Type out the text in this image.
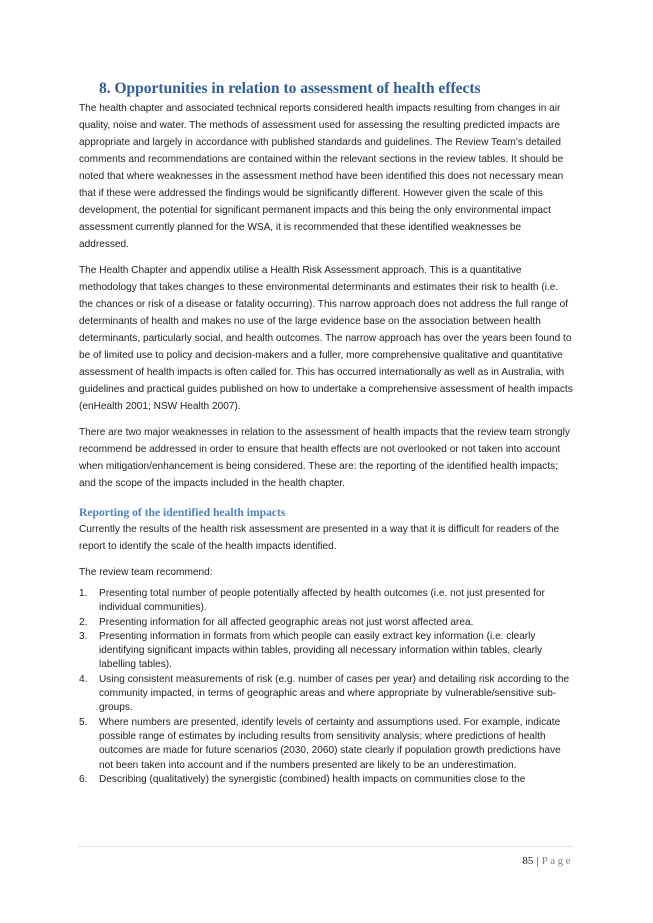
8. Opportunities in relation to assessment of health effects

The health chapter and associated technical reports considered health impacts resulting from changes in air quality, noise and water. The methods of assessment used for assessing the resulting predicted impacts are appropriate and largely in accordance with published standards and guidelines. The Review Team’s detailed comments and recommendations are contained within the relevant sections in the review tables. It should be noted that where weaknesses in the assessment method have been identified this does not necessary mean that if these were addressed the findings would be significantly different. However given the scale of this development, the potential for significant permanent impacts and this being the only environmental impact assessment currently planned for the WSA, it is recommended that these identified weaknesses be addressed.

The Health Chapter and appendix utilise a Health Risk Assessment approach. This is a quantitative methodology that takes changes to these environmental determinants and estimates their risk to health (i.e. the chances or risk of a disease or fatality occurring). This narrow approach does not address the full range of determinants of health and makes no use of the large evidence base on the association between health determinants, particularly social, and health outcomes. The narrow approach has over the years been found to be of limited use to policy and decision-makers and a fuller, more comprehensive qualitative and quantitative assessment of health impacts is often called for. This has occurred internationally as well as in Australia, with guidelines and practical guides published on how to undertake a comprehensive assessment of health impacts (enHealth 2001; NSW Health 2007).

There are two major weaknesses in relation to the assessment of health impacts that the review team strongly recommend be addressed in order to ensure that health effects are not overlooked or not taken into account when mitigation/enhancement is being considered. These are: the reporting of the identified health impacts; and the scope of the impacts included in the health chapter.

Reporting of the identified health impacts

Currently the results of the health risk assessment are presented in a way that it is difficult for readers of the report to identify the scale of the health impacts identified.

The review team recommend:

1. Presenting total number of people potentially affected by health outcomes (i.e. not just presented for individual communities).
2. Presenting information for all affected geographic areas not just worst affected area.
3. Presenting information in formats from which people can easily extract key information (i.e. clearly identifying significant impacts within tables, providing all necessary information within tables, clearly labelling tables).
4. Using consistent measurements of risk (e.g. number of cases per year) and detailing risk according to the community impacted, in terms of geographic areas and where appropriate by vulnerable/sensitive sub-groups.
5. Where numbers are presented, identify levels of certainty and assumptions used. For example, indicate possible range of estimates by including results from sensitivity analysis; where predictions of health outcomes are made for future scenarios (2030, 2060) state clearly if population growth predictions have not been taken into account and if the numbers presented are likely to be an underestimation.
6. Describing (qualitatively) the synergistic (combined) health impacts on communities close to the
85 | Page
